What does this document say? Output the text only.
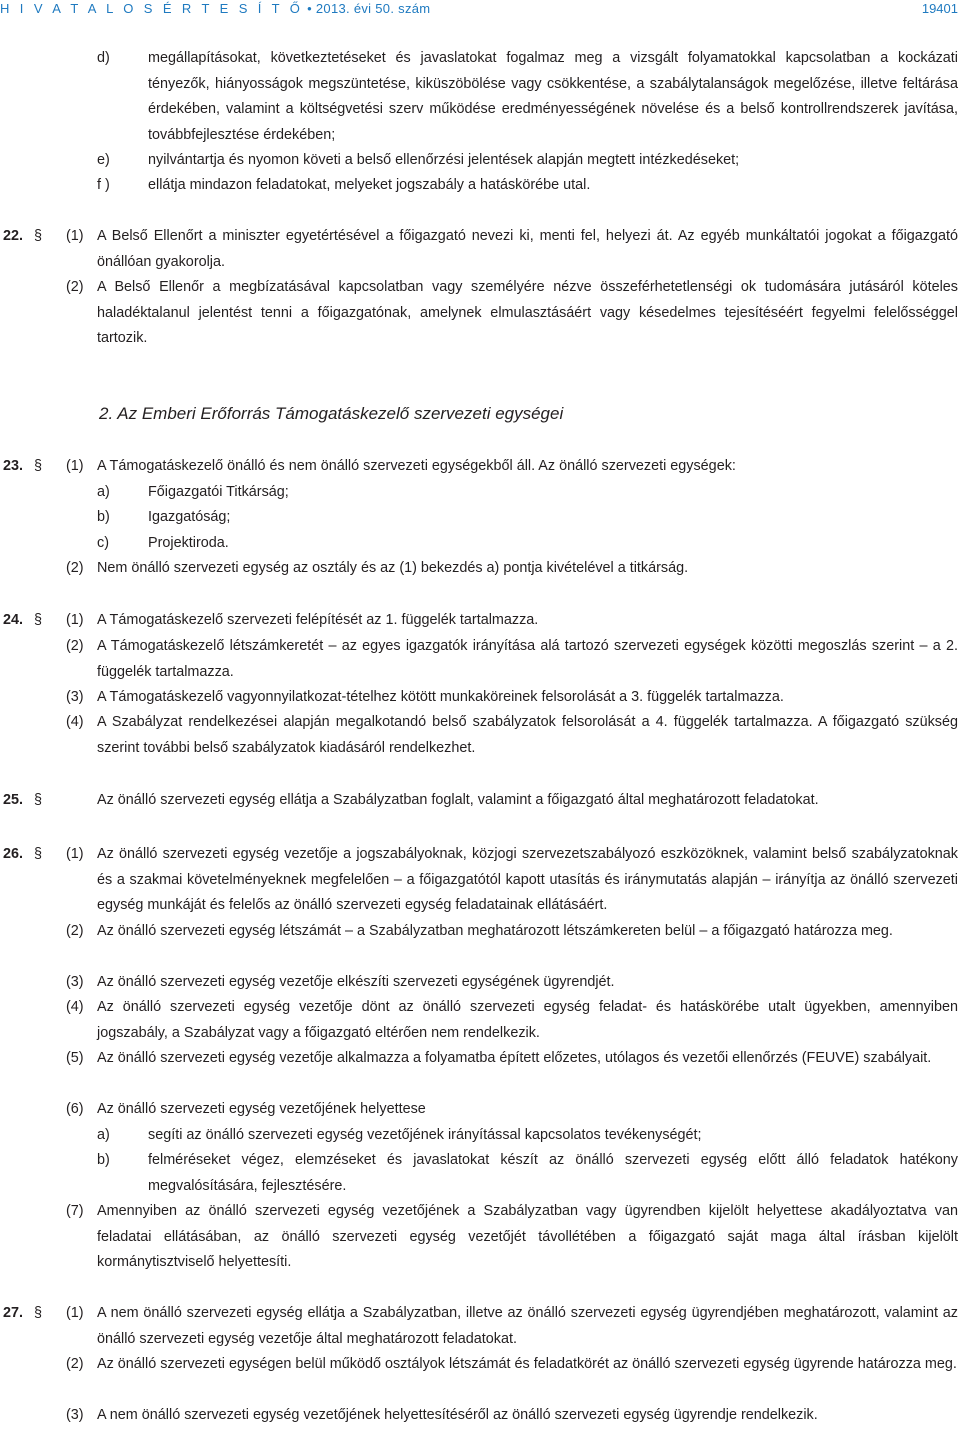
H I V A T A L O S É R T E S Í T Ő • 2013. évi 50. szám	19401
d)	megállapításokat, következtetéseket és javaslatokat fogalmaz meg a vizsgált folyamatokkal kapcsolatban a kockázati tényezők, hiányosságok megszüntetése, kiküszöbölése vagy csökkentése, a szabálytalanságok megelőzése, illetve feltárása érdekében, valamint a költségvetési szerv működése eredményességének növelése és a belső kontrollrendszerek javítása, továbbfejlesztése érdekében;
e)	nyilvántartja és nyomon követi a belső ellenőrzési jelentések alapján megtett intézkedéseket;
f )	ellátja mindazon feladatokat, melyeket jogszabály a hatáskörébe utal.
22. § (1) A Belső Ellenőrt a miniszter egyetértésével a főigazgató nevezi ki, menti fel, helyezi át. Az egyéb munkáltatói jogokat a főigazgató önállóan gyakorolja.
(2) A Belső Ellenőr a megbízatásával kapcsolatban vagy személyére nézve összeférhetetlenségi ok tudomására jutásáról köteles haladéktalanul jelentést tenni a főigazgatónak, amelynek elmulasztásáért vagy késedelmes tejesítéséért fegyelmi felelősséggel tartozik.
2. Az Emberi Erőforrás Támogatáskezelő szervezeti egységei
23. § (1) A Támogatáskezelő önálló és nem önálló szervezeti egységekből áll. Az önálló szervezeti egységek:
a)	Főigazgatói Titkárság;
b)	Igazgatóság;
c)	Projektiroda.
(2) Nem önálló szervezeti egység az osztály és az (1) bekezdés a) pontja kivételével a titkárság.
24. § (1) A Támogatáskezelő szervezeti felépítését az 1. függelék tartalmazza.
(2) A Támogatáskezelő létszámkeretét – az egyes igazgatók irányítása alá tartozó szervezeti egységek közötti megoszlás szerint – a 2. függelék tartalmazza.
(3) A Támogatáskezelő vagyonnyilatkozat-tételhez kötött munkaköreinek felsorolását a 3. függelék tartalmazza.
(4) A Szabályzat rendelkezései alapján megalkotandó belső szabályzatok felsorolását a 4. függelék tartalmazza. A főigazgató szükség szerint további belső szabályzatok kiadásáról rendelkezhet.
25. §	Az önálló szervezeti egység ellátja a Szabályzatban foglalt, valamint a főigazgató által meghatározott feladatokat.
26. § (1) Az önálló szervezeti egység vezetője a jogszabályoknak, közjogi szervezetszabályozó eszközöknek, valamint belső szabályzatoknak és a szakmai követelményeknek megfelelően – a főigazgatótól kapott utasítás és iránymutatás alapján – irányítja az önálló szervezeti egység munkáját és felelős az önálló szervezeti egység feladatainak ellátásáért.
(2) Az önálló szervezeti egység létszámát – a Szabályzatban meghatározott létszámkereten belül – a főigazgató határozza meg.
(3) Az önálló szervezeti egység vezetője elkészíti szervezeti egységének ügyrendjét.
(4) Az önálló szervezeti egység vezetője dönt az önálló szervezeti egység feladat- és hatáskörébe utalt ügyekben, amennyiben jogszabály, a Szabályzat vagy a főigazgató eltérően nem rendelkezik.
(5) Az önálló szervezeti egység vezetője alkalmazza a folyamatba épített előzetes, utólagos és vezetői ellenőrzés (FEUVE) szabályait.
(6) Az önálló szervezeti egység vezetőjének helyettese
a)	segíti az önálló szervezeti egység vezetőjének irányítással kapcsolatos tevékenységét;
b)	felméréseket végez, elemzéseket és javaslatokat készít az önálló szervezeti egység előtt álló feladatok hatékony megvalósítására, fejlesztésére.
(7) Amennyiben az önálló szervezeti egység vezetőjének a Szabályzatban vagy ügyrendben kijelölt helyettese akadályoztatva van feladatai ellátásában, az önálló szervezeti egység vezetőjét távollétében a főigazgató saját maga által írásban kijelölt kormánytisztviselő helyettesíti.
27. § (1) A nem önálló szervezeti egység ellátja a Szabályzatban, illetve az önálló szervezeti egység ügyrendjében meghatározott, valamint az önálló szervezeti egység vezetője által meghatározott feladatokat.
(2) Az önálló szervezeti egységen belül működő osztályok létszámát és feladatkörét az önálló szervezeti egység ügyrende határozza meg.
(3) A nem önálló szervezeti egység vezetőjének helyettesítéséről az önálló szervezeti egység ügyrendje rendelkezik.
